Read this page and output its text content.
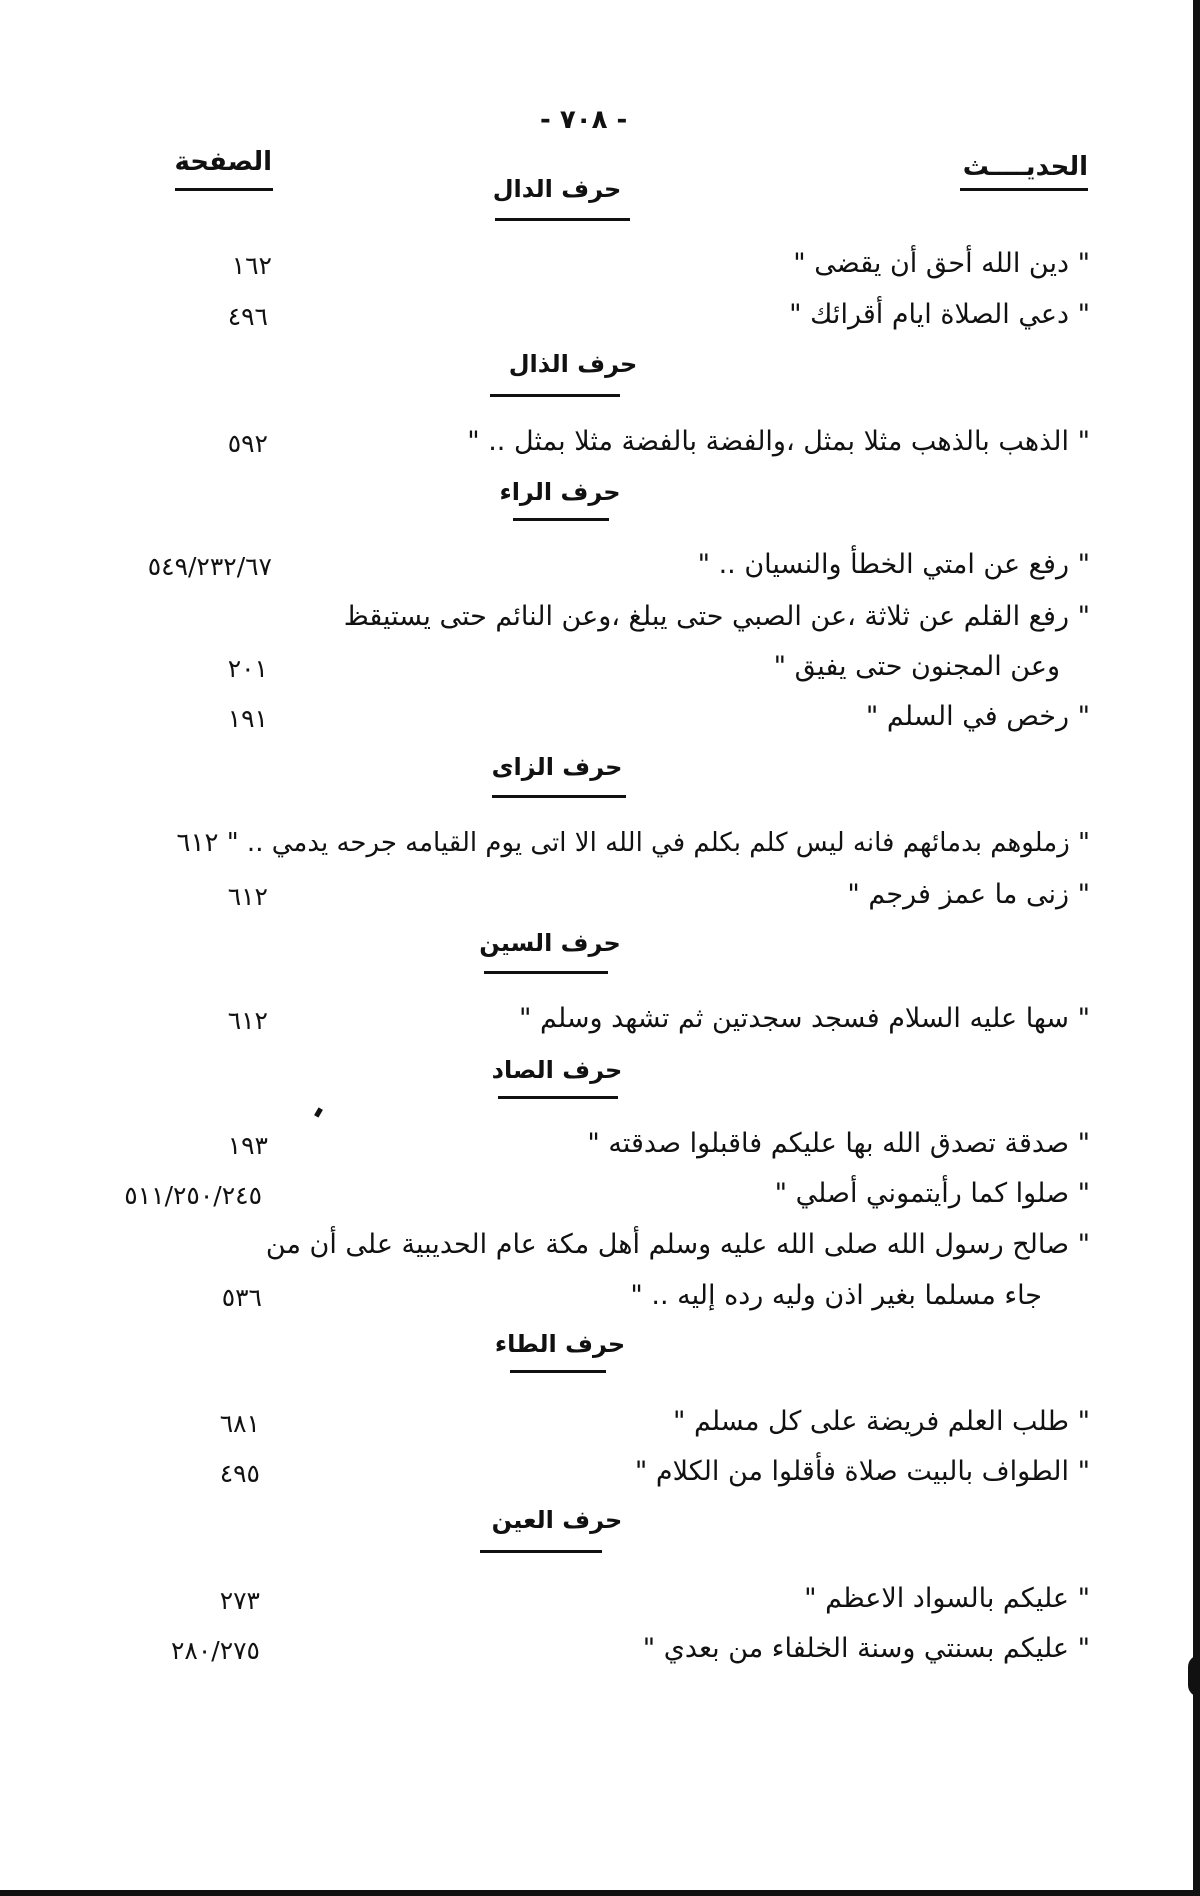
- ٧٠٨ -
الحديــــث
الصفحة
حرف الدال
" دين الله أحق أن يقضى "
١٦٢
" دعي الصلاة ايام أقرائك "
٤٩٦
حرف الذال
" الذهب بالذهب مثلا بمثل ،والفضة بالفضة مثلا بمثل .. "
٥٩٢
حرف الراء
" رفع عن امتي الخطأ والنسيان .. "
٥٤٩/٢٣٢/٦٧
" رفع القلم عن ثلاثة ،عن الصبي حتى يبلغ ،وعن النائم حتى يستيقظ
وعن المجنون حتى يفيق "
٢٠١
" رخص في السلم "
١٩١
حرف الزاى
" زملوهم بدمائهم فانه ليس كلم بكلم في الله الا اتى يوم القيامه جرحه يدمي .. " ٦١٢
" زنى ما عمز فرجم "
٦١٢
حرف السين
" سها عليه السلام فسجد سجدتين ثم تشهد وسلم "
٦١٢
حرف الصاد
" صدقة تصدق الله بها عليكم فاقبلوا صدقته "
١٩٣
" صلوا كما رأيتموني أصلي "
٥١١/٢٥٠/٢٤٥
" صالح رسول الله صلى الله عليه وسلم أهل مكة عام الحديبية على أن من
جاء مسلما بغير اذن وليه رده إليه .. "
٥٣٦
حرف الطاء
" طلب العلم فريضة على كل مسلم "
٦٨١
" الطواف بالبيت صلاة فأقلوا من الكلام "
٤٩٥
حرف العين
" عليكم بالسواد الاعظم "
٢٧٣
" عليكم بسنتي وسنة الخلفاء من بعدي "
٢٨٠/٢٧٥
